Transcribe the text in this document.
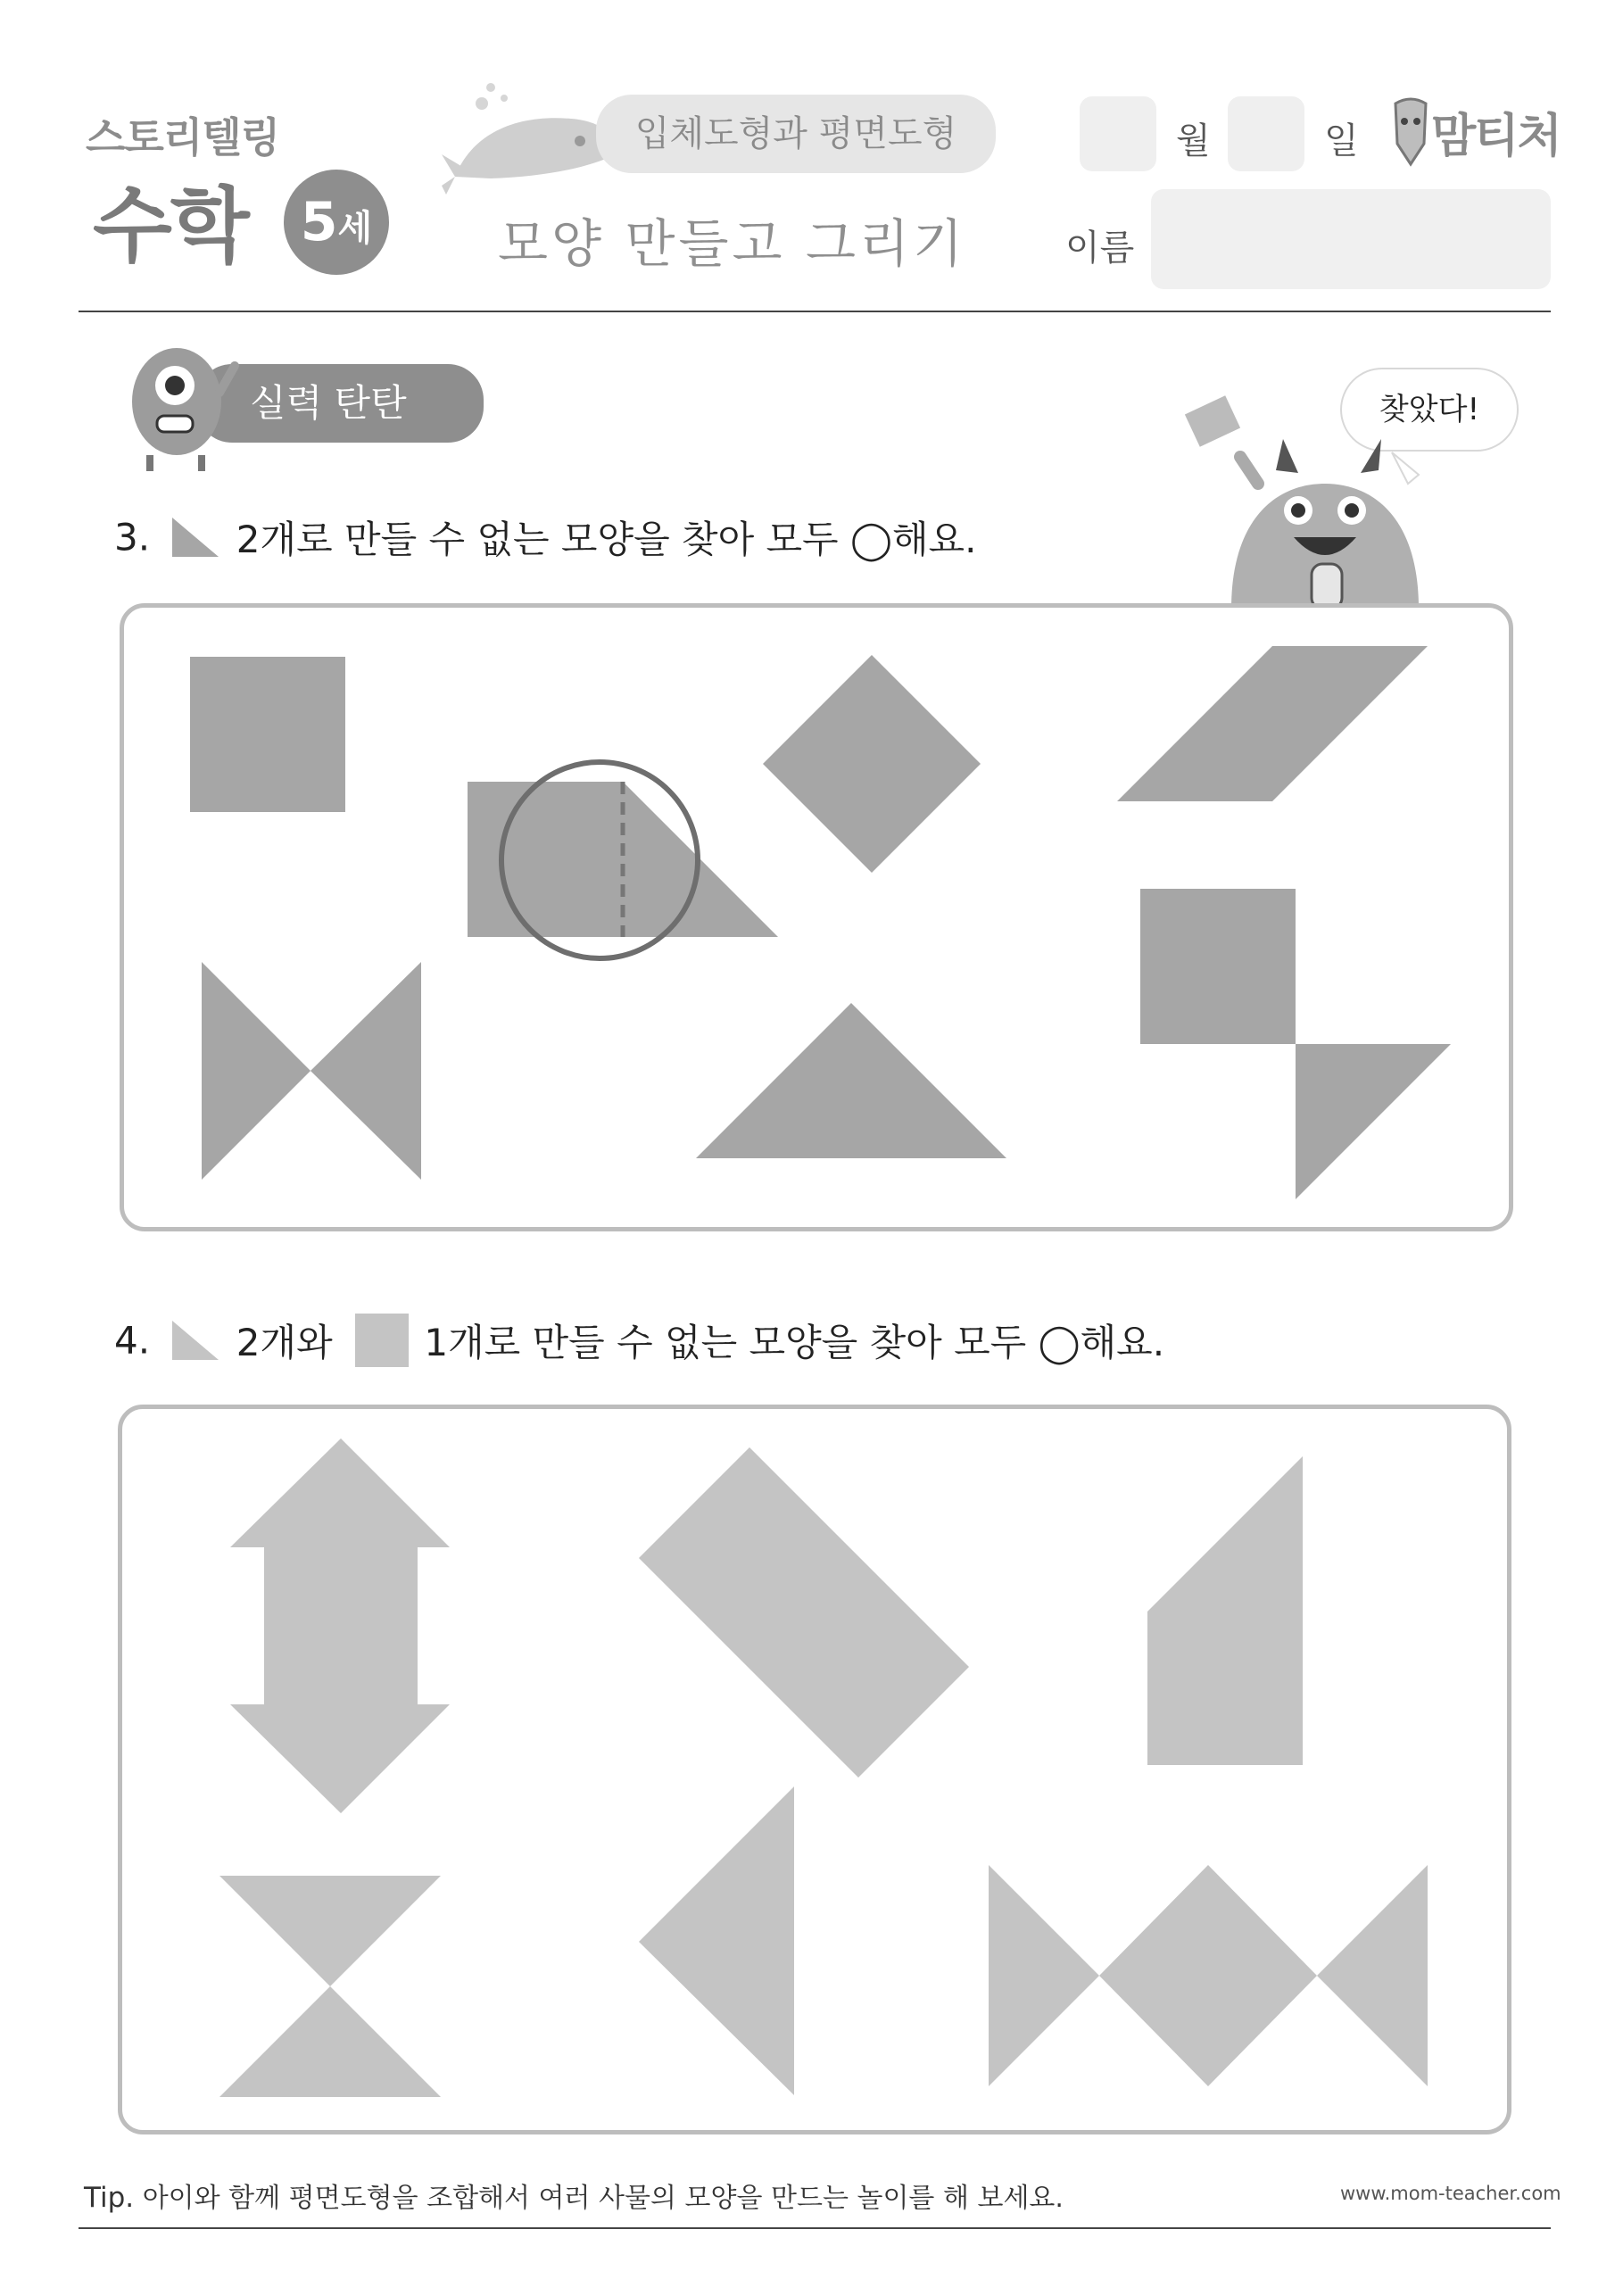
스토리텔링
수학 5세
입체도형과 평면도형
모양 만들고 그리기
월	일 맘티처
이름
실력 탄탄	찾았다!
3. 2개로 만들 수 없는 모양을 찾아 모두 ◯해요.
4. 2개와 1개로 만들 수 없는 모양을 찾아 모두 ◯해요.
Tip. 아이와 함께 평면도형을 조합해서 여러 사물의 모양을 만드는 놀이를 해 보세요.	www.mom-teacher.com
